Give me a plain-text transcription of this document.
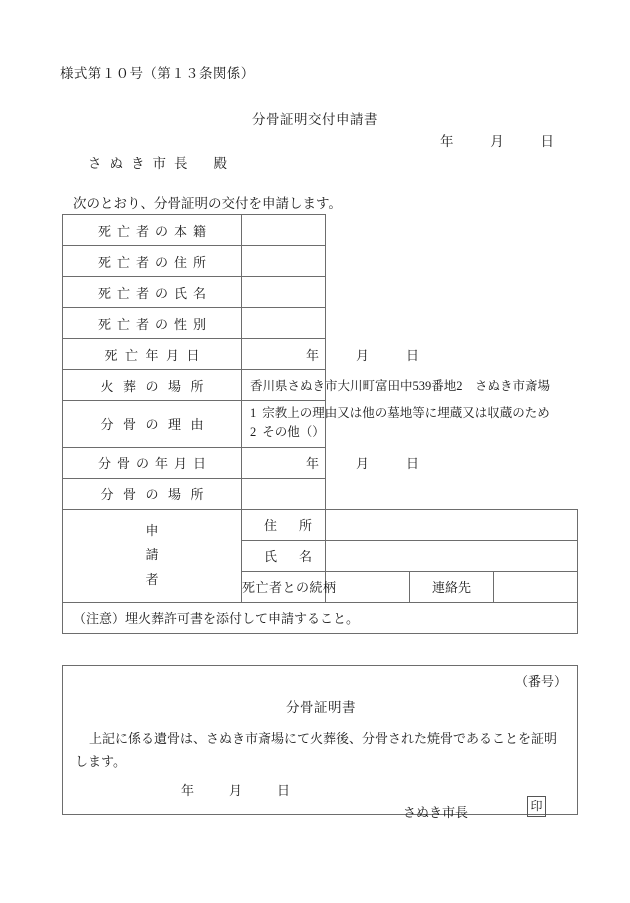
様式第１０号（第１３条関係）
分骨証明交付申請書
年	月	日
さぬき市長 殿
次のとおり、分骨証明の交付を申請します。
死亡者の本籍				
死亡者の住所				
死亡者の氏名				
死亡者の性別				
死亡年月日	年 月 日			

火葬の場所	香川県さぬき市大川町富田中539番地2　さぬき市斎場			

分骨の理由	1 宗教上の理由又は他の墓地等に埋蔵又は収蔵のため
2 その他（ ）			

分骨の年月日	年 月 日			

分骨の場所				

申
請
者	住所			
	氏名			
	死亡者との続柄		連絡先	
（注意）埋火葬許可書を添付して申請すること。				
（番号）
分骨証明書
上記に係る遺骨は、さぬき市斎場にて火葬後、分骨された焼骨であることを証明
します。
年	月	日
さぬき市長	印
